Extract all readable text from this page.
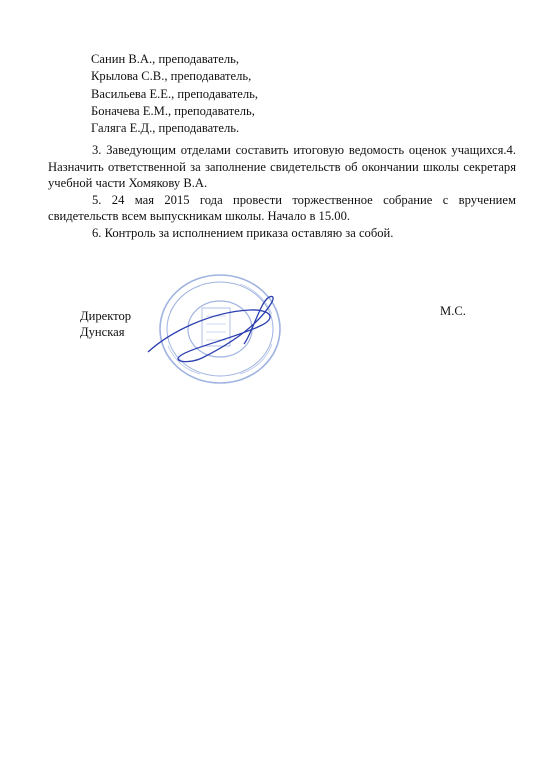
Санин В.А., преподаватель,
Крылова С.В., преподаватель,
Васильева Е.Е., преподаватель,
Боначева Е.М., преподаватель,
Галяга Е.Д., преподаватель.

3. Заведующим отделами составить итоговую ведомость оценок учащихся.4. Назначить ответственной за заполнение свидетельств об окончании школы секретаря учебной части Хомякову В.А.

5. 24 мая 2015 года провести торжественное собрание с вручением свидетельств всем выпускникам школы. Начало в 15.00.

6. Контроль за исполнением приказа оставляю за собой.

Директор
Дунская
М.С.
